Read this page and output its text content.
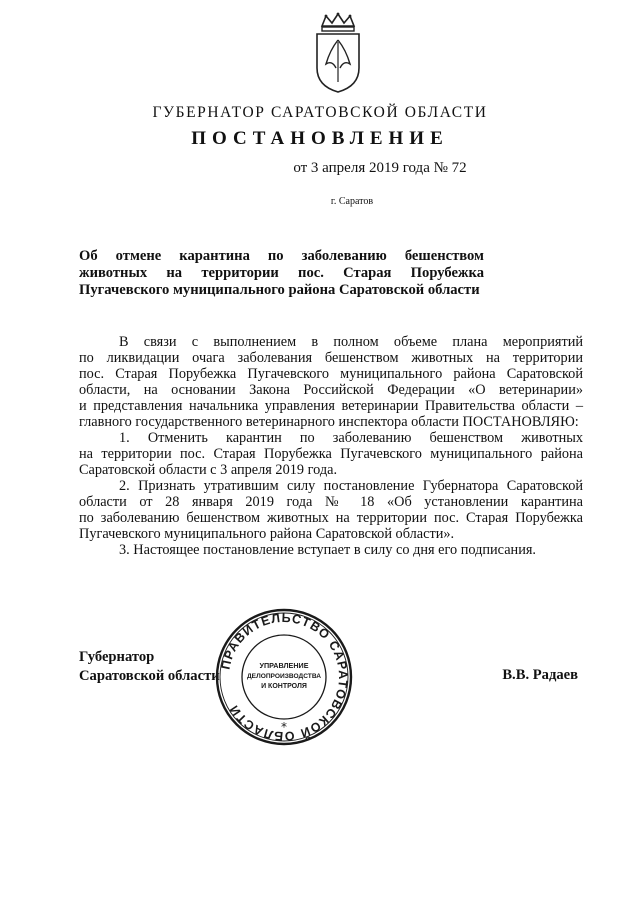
ГУБЕРНАТОР САРАТОВСКОЙ ОБЛАСТИ
ПОСТАНОВЛЕНИЕ
от 3 апреля 2019 года № 72
г. Саратов

Об отмене карантина по заболеванию бешенством

животных на территории пос. Старая Порубежка

Пугачевского муниципального района Саратовской области

В связи с выполнением в полном объеме плана мероприятий

по ликвидации очага заболевания бешенством животных на территории

пос. Старая Порубежка Пугачевского муниципального района Саратовской

области, на основании Закона Российской Федерации «О ветеринарии»

и представления начальника управления ветеринарии Правительства области –

главного государственного ветеринарного инспектора области ПОСТАНОВЛЯЮ:

1. Отменить карантин по заболеванию бешенством животных

на территории пос. Старая Порубежка Пугачевского муниципального района

Саратовской области с 3 апреля 2019 года.

2. Признать утратившим силу постановление Губернатора Саратовской

области от 28 января 2019 года № 18 «Об установлении карантина

по заболеванию бешенством животных на территории пос. Старая Порубежка

Пугачевского муниципального района Саратовской области».

3. Настоящее постановление вступает в силу со дня его подписания.

Губернатор
Саратовской области	В.В. Радаев
ПРАВИТЕЛЬСТВО САРАТОВСКОЙ ОБЛАСТИ
УПРАВЛЕНИЕ
ДЕЛОПРОИЗВОДСТВА
И КОНТРОЛЯ
*
